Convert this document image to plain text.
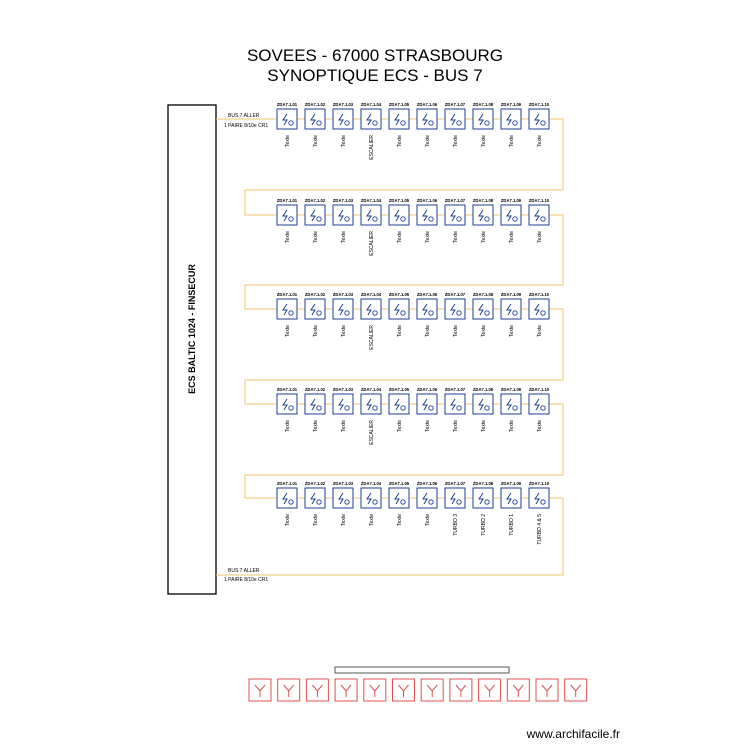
SOVEES - 67000 STRASBOURG
SYNOPTIQUE ECS - BUS 7
ECS BALTIC 1024 - FINSECUR
BUS 7 ALLER
1 PAIRE 8/10e CR1
BUS 7 ALLER
1 PAIRE 8/10e CR1
ZDA7.1.01
Texte
ZDA7.1.02
Texte
ZDA7.1.03
Texte
ZDA7.1.04
ESCALIER
ZDA7.1.05
Texte
ZDA7.1.06
Texte
ZDA7.1.07
Texte
ZDA7.1.08
Texte
ZDA7.1.09
Texte
ZDA7.1.10
Texte
ZDA7.1.01
Texte
ZDA7.1.02
Texte
ZDA7.1.03
Texte
ZDA7.1.04
ESCALIER
ZDA7.1.05
Texte
ZDA7.1.06
Texte
ZDA7.1.07
Texte
ZDA7.1.08
Texte
ZDA7.1.09
Texte
ZDA7.1.10
Texte
ZDA7.1.01
Texte
ZDA7.1.02
Texte
ZDA7.1.03
Texte
ZDA7.1.04
ESCALIER
ZDA7.1.05
Texte
ZDA7.1.06
Texte
ZDA7.1.07
Texte
ZDA7.1.08
Texte
ZDA7.1.09
Texte
ZDA7.1.10
Texte
ZDA7.1.01
Texte
ZDA7.1.02
Texte
ZDA7.1.03
Texte
ZDA7.1.04
ESCALIER
ZDA7.1.05
Texte
ZDA7.1.06
Texte
ZDA7.1.07
Texte
ZDA7.1.08
Texte
ZDA7.1.09
Texte
ZDA7.1.10
Texte
ZDA7.1.01
Texte
ZDA7.1.02
Texte
ZDA7.1.03
Texte
ZDA7.1.04
Texte
ZDA7.1.05
Texte
ZDA7.1.06
Texte
ZDA7.1.07
TURBO 3
ZDA7.1.08
TURBO 2
ZDA7.1.09
TURBO 1
ZDA7.1.10
TURBO 4 & 5
www.archifacile.fr
